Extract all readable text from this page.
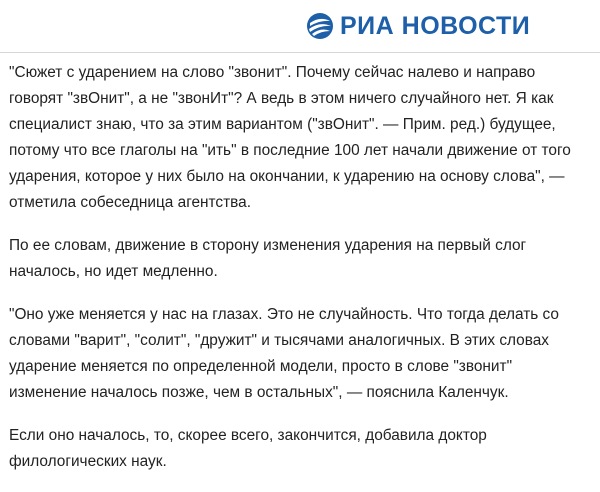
РИА НОВОСТИ

"Сюжет с ударением на слово "звонит". Почему сейчас налево и направо говорят "звОнит", а не "звонИт"? А ведь в этом ничего случайного нет. Я как специалист знаю, что за этим вариантом ("звОнит". — Прим. ред.) будущее, потому что все глаголы на "ить" в последние 100 лет начали движение от того ударения, которое у них было на окончании, к ударению на основу слова", — отметила собеседница агентства.

По ее словам, движение в сторону изменения ударения на первый слог началось, но идет медленно.

"Оно уже меняется у нас на глазах. Это не случайность. Что тогда делать со словами "варит", "солит", "дружит" и тысячами аналогичных. В этих словах ударение меняется по определенной модели, просто в слове "звонит" изменение началось позже, чем в остальных", — пояснила Каленчук.

Если оно началось, то, скорее всего, закончится, добавила доктор филологических наук.
